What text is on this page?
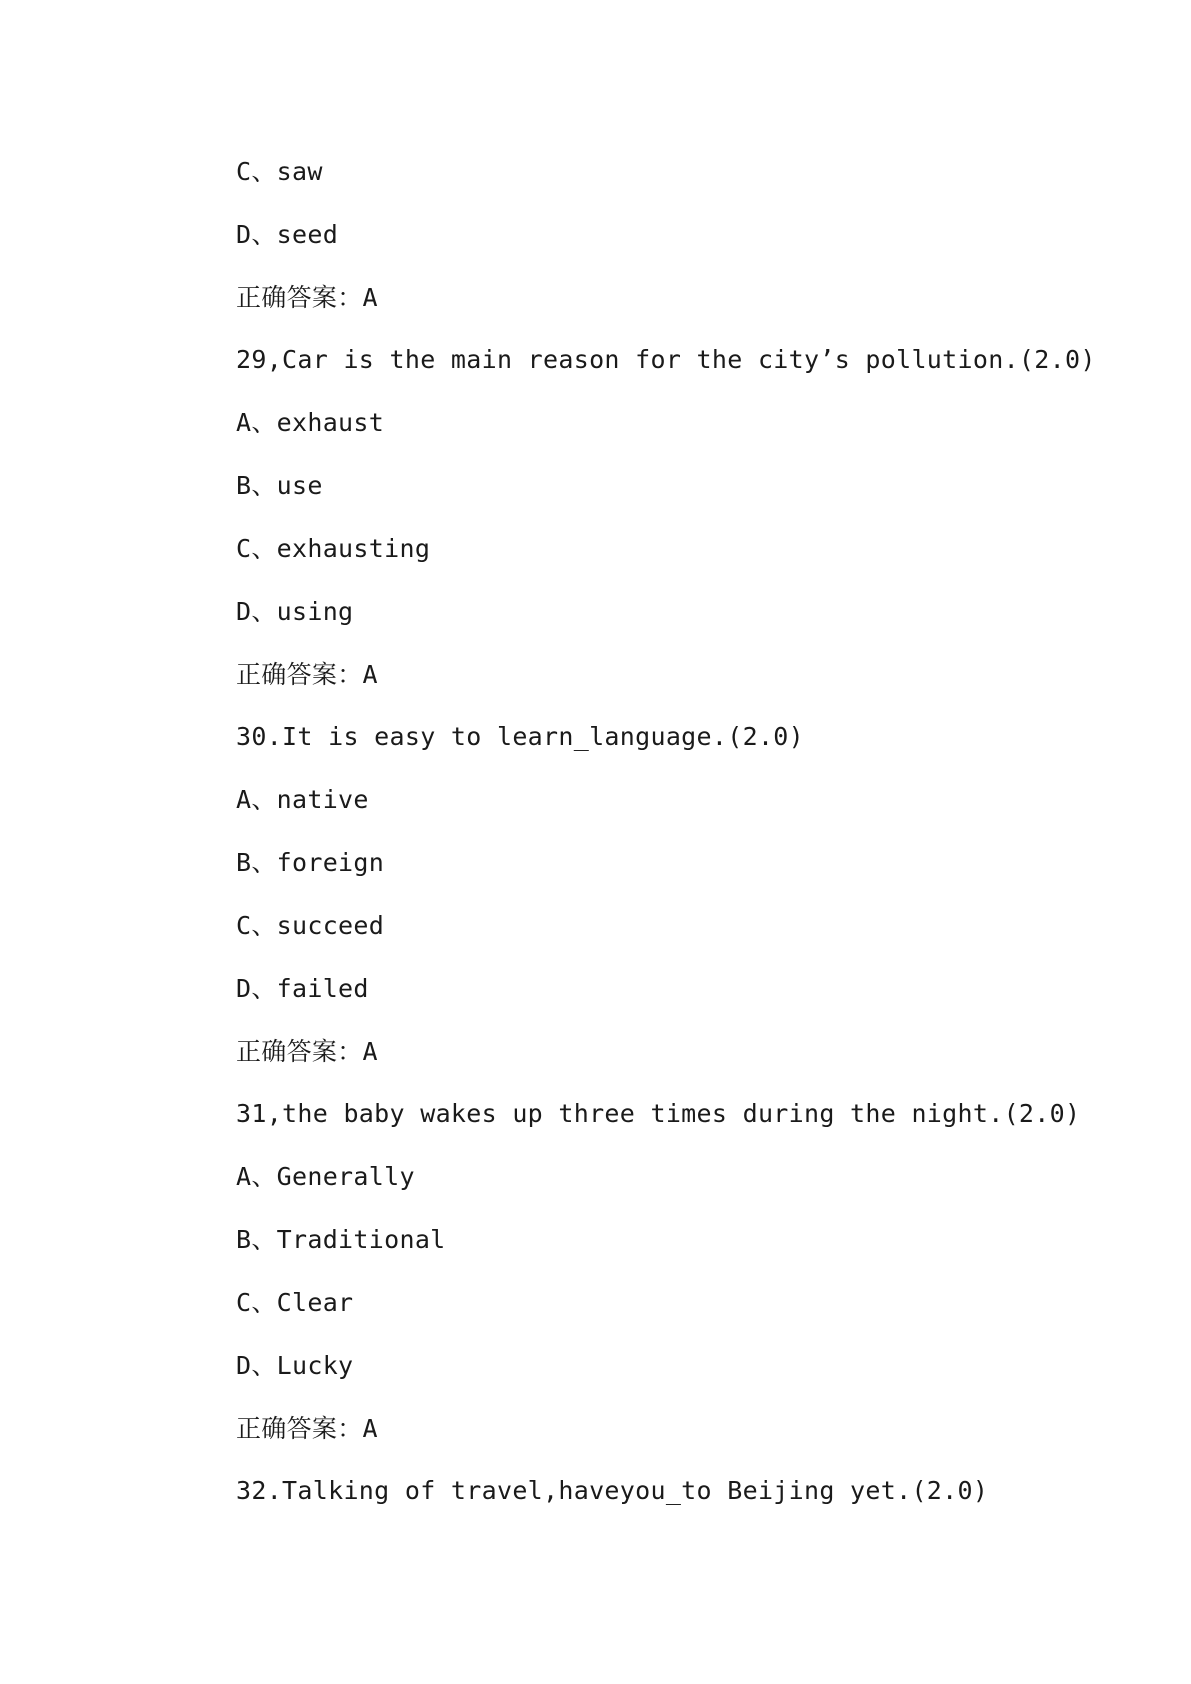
C、saw
D、seed
正确答案：A
29,Car is the main reason for the city’s pollution.(2.0)
A、exhaust
B、use
C、exhausting
D、using
正确答案：A
30.It is easy to learn_language.(2.0)
A、native
B、foreign
C、succeed
D、failed
正确答案：A
31,the baby wakes up three times during the night.(2.0)
A、Generally
B、Traditional
C、Clear
D、Lucky
正确答案：A
32.Talking of travel,haveyou_to Beijing yet.(2.0)
